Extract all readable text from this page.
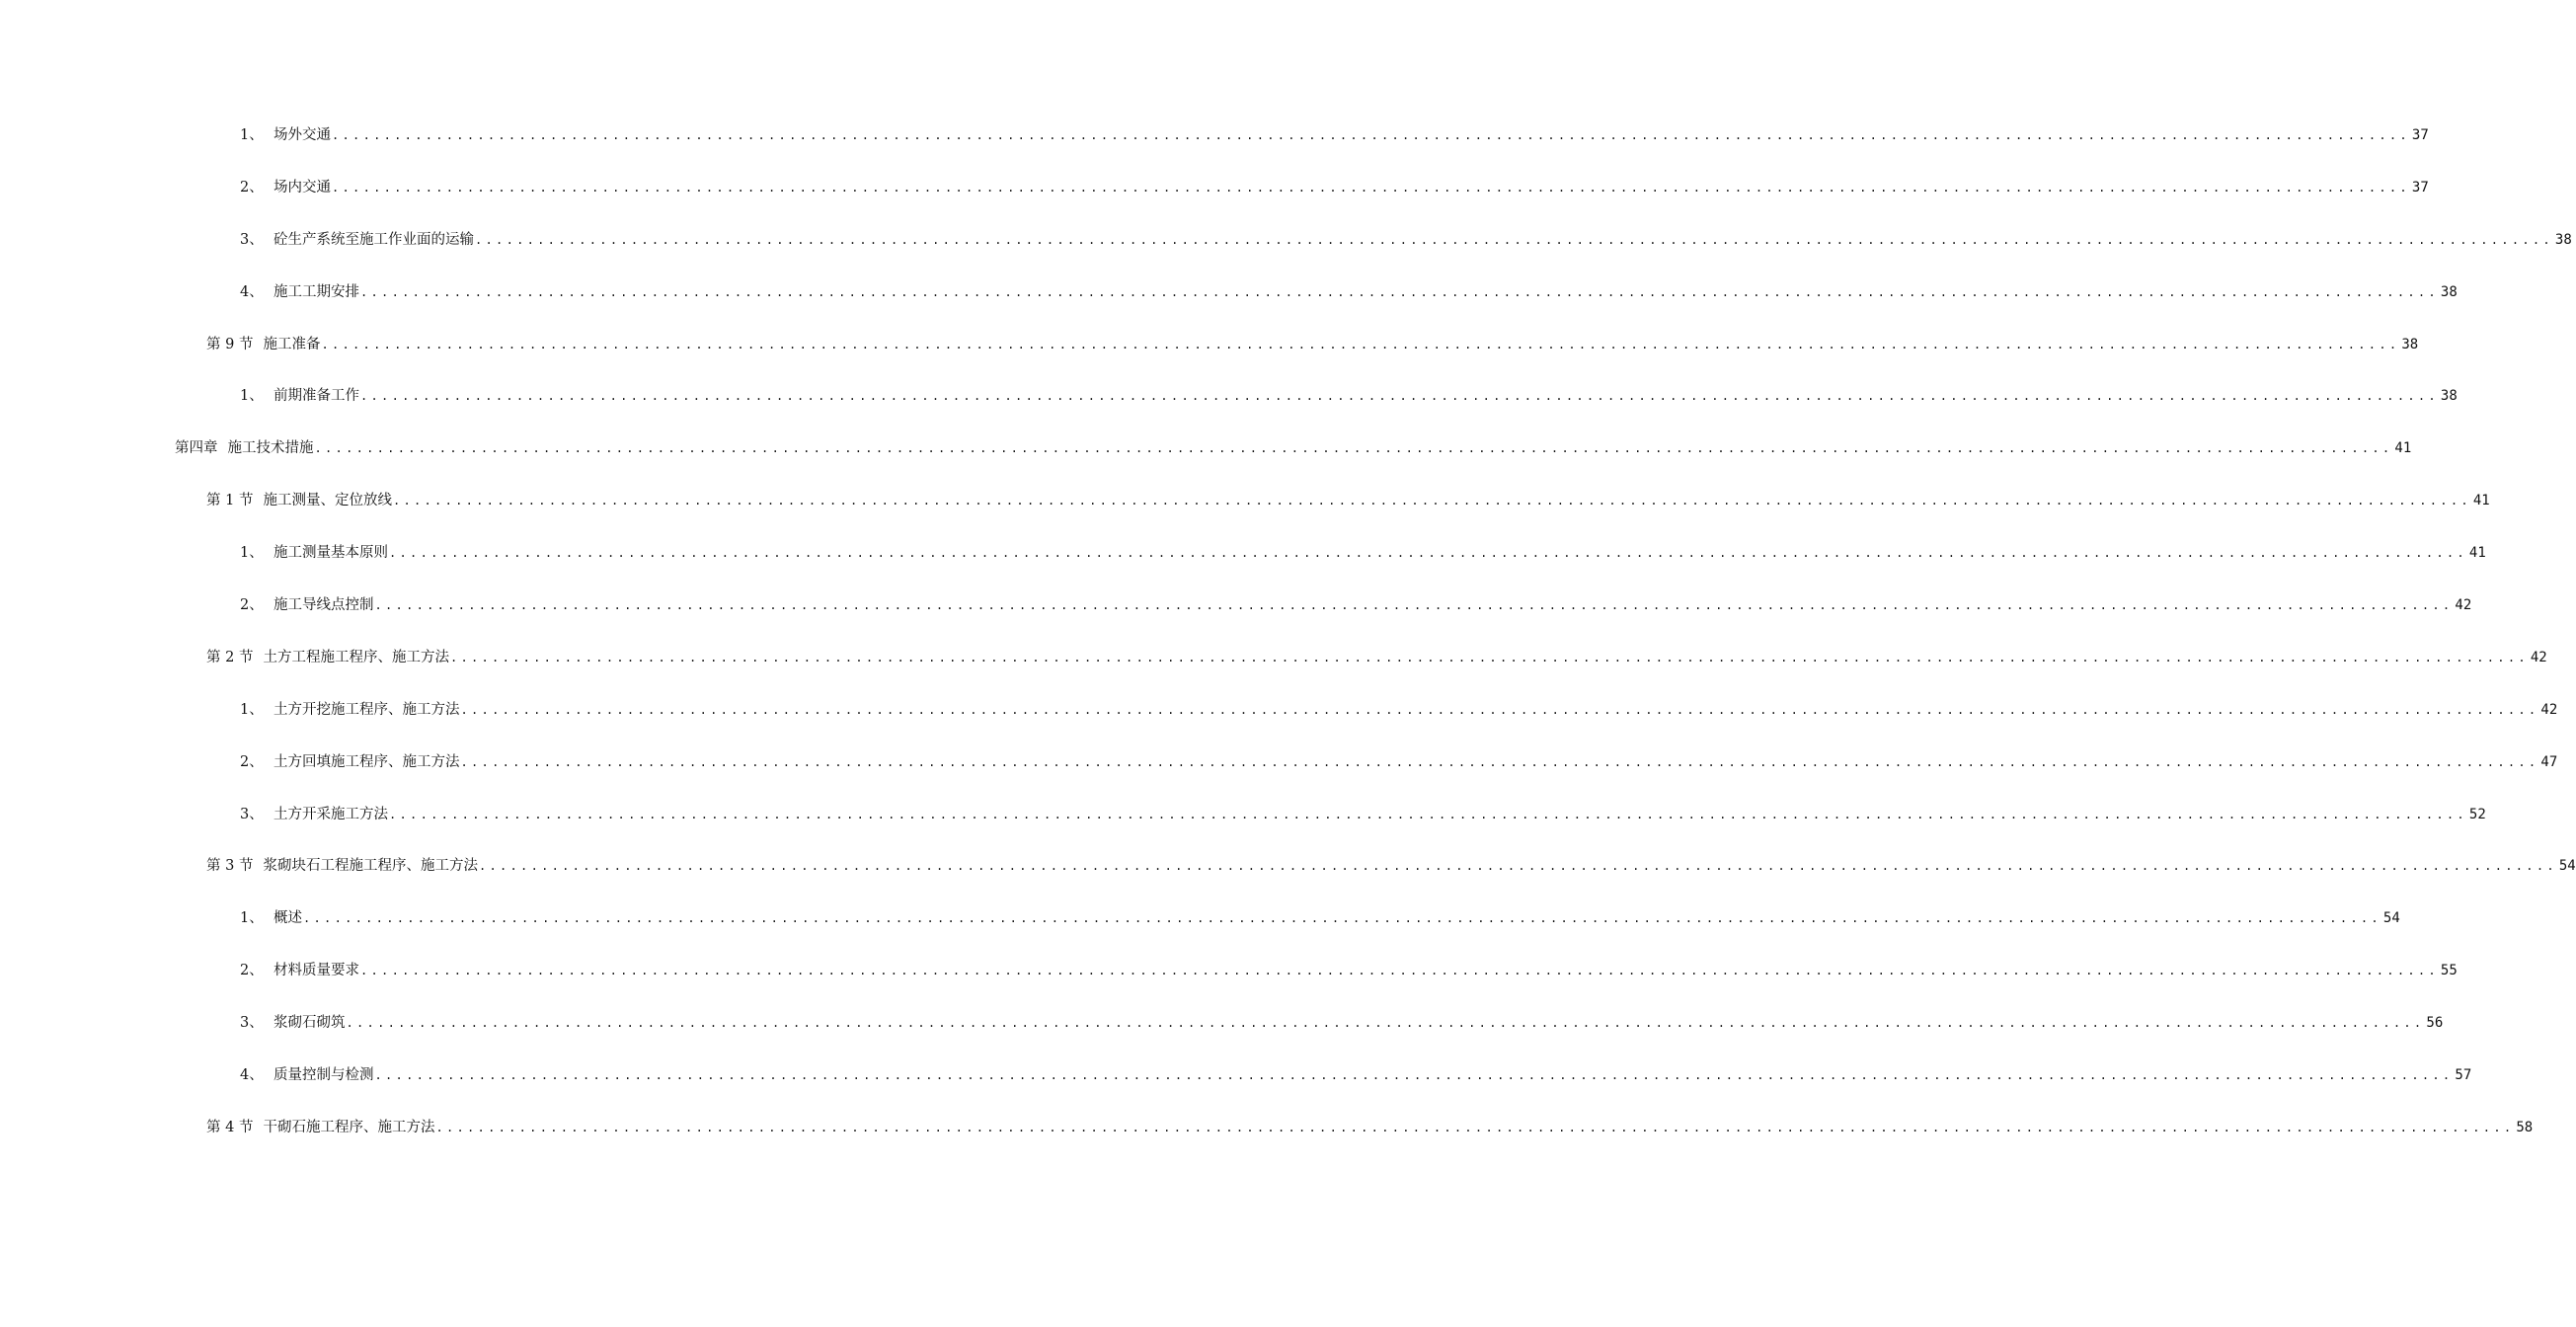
1、 场外交通 ........................................................................................................................................................................................................ 37
2、 场内交通 ........................................................................................................................................................................................................ 37
3、 砼生产系统至施工作业面的运输 ........................................................................................................................................................................................................ 38
4、 施工工期安排 ........................................................................................................................................................................................................ 38
第 9 节 施工准备 ........................................................................................................................................................................................................ 38
1、 前期准备工作 ........................................................................................................................................................................................................ 38
第四章 施工技术措施 ........................................................................................................................................................................................................ 41
第 1 节 施工测量、定位放线 ........................................................................................................................................................................................................ 41
1、 施工测量基本原则 ........................................................................................................................................................................................................ 41
2、 施工导线点控制 ........................................................................................................................................................................................................ 42
第 2 节 土方工程施工程序、施工方法 ........................................................................................................................................................................................................ 42
1、 土方开挖施工程序、施工方法 ........................................................................................................................................................................................................ 42
2、 土方回填施工程序、施工方法 ........................................................................................................................................................................................................ 47
3、 土方开采施工方法 ........................................................................................................................................................................................................ 52
第 3 节 浆砌块石工程施工程序、施工方法 ........................................................................................................................................................................................................ 54
1、 概述 ........................................................................................................................................................................................................ 54
2、 材料质量要求 ........................................................................................................................................................................................................ 55
3、 浆砌石砌筑 ........................................................................................................................................................................................................ 56
4、 质量控制与检测 ........................................................................................................................................................................................................ 57
第 4 节 干砌石施工程序、施工方法 ........................................................................................................................................................................................................ 58
